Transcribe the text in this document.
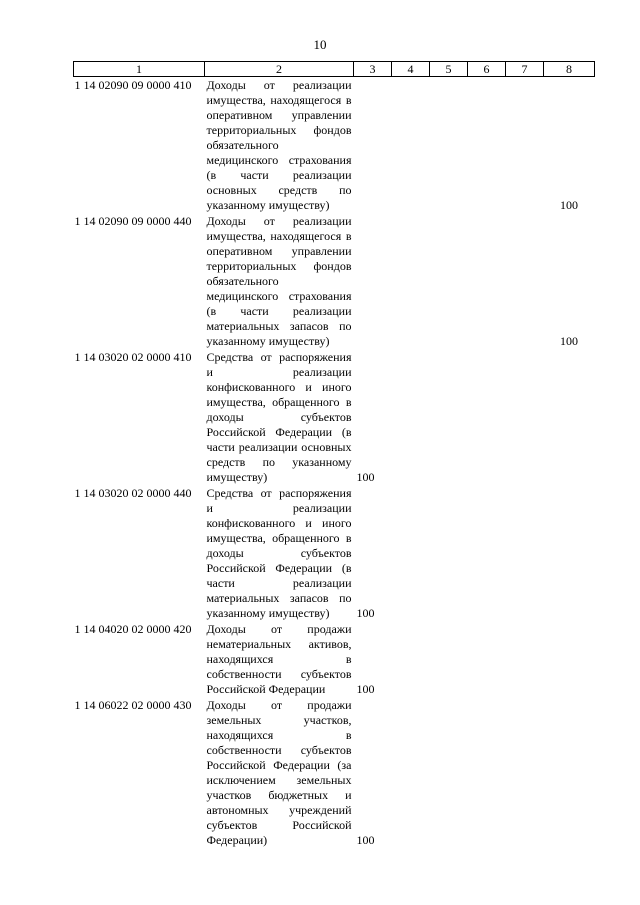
10
1	2	3	4	5	6	7	8
1 14 02090 09 0000 410	Доходы от реализации имущества, находящегося в оперативном управлении территориальных фондов обязательного медицинского страхования (в части реализации основных средств по указанному имуществу)						100
1 14 02090 09 0000 440	Доходы от реализации имущества, находящегося в оперативном управлении территориальных фондов обязательного медицинского страхования (в части реализации материальных запасов по указанному имуществу)						100
1 14 03020 02 0000 410	Средства от распоряжения и реализации конфискованного и иного имущества, обращенного в доходы субъектов Российской Федерации (в части реализации основных средств по указанному имуществу)	100					
1 14 03020 02 0000 440	Средства от распоряжения и реализации конфискованного и иного имущества, обращенного в доходы субъектов Российской Федерации (в части реализации материальных запасов по указанному имуществу)	100					
1 14 04020 02 0000 420	Доходы от продажи нематериальных активов, находящихся в собственности субъектов Российской Федерации	100					
1 14 06022 02 0000 430	Доходы от продажи земельных участков, находящихся в собственности субъектов Российской Федерации (за исключением земельных участков бюджетных и автономных учреждений субъектов Российской Федерации)	100					
